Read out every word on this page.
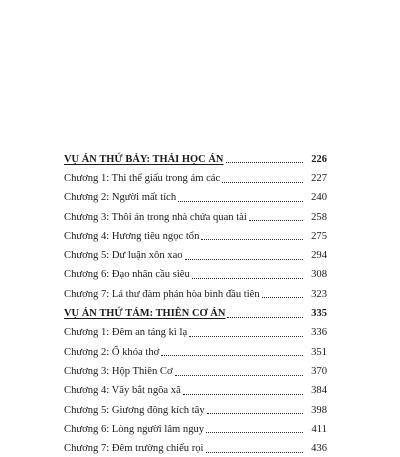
VỤ ÁN THỨ BẢY: THÁI HỌC ÁN	226
Chương 1: Thi thể giấu trong ám các	227
Chương 2: Người mất tích	240
Chương 3: Thôi án trong nhà chứa quan tài	258
Chương 4: Hương tiêu ngọc tổn	275
Chương 5: Dư luận xôn xao	294
Chương 6: Đạo nhân cầu siêu	308
Chương 7: Lá thư đàm phán hòa bình đầu tiên	323
VỤ ÁN THỨ TÁM: THIÊN CƠ ÁN	335
Chương 1: Đêm an táng kì lạ	336
Chương 2: Ổ khóa thơ	351
Chương 3: Hộp Thiên Cơ	370
Chương 4: Vây bắt ngõa xã	384
Chương 5: Giương đông kích tây	398
Chương 6: Lòng người lâm nguy	411
Chương 7: Đêm trường chiếu rọi	436
